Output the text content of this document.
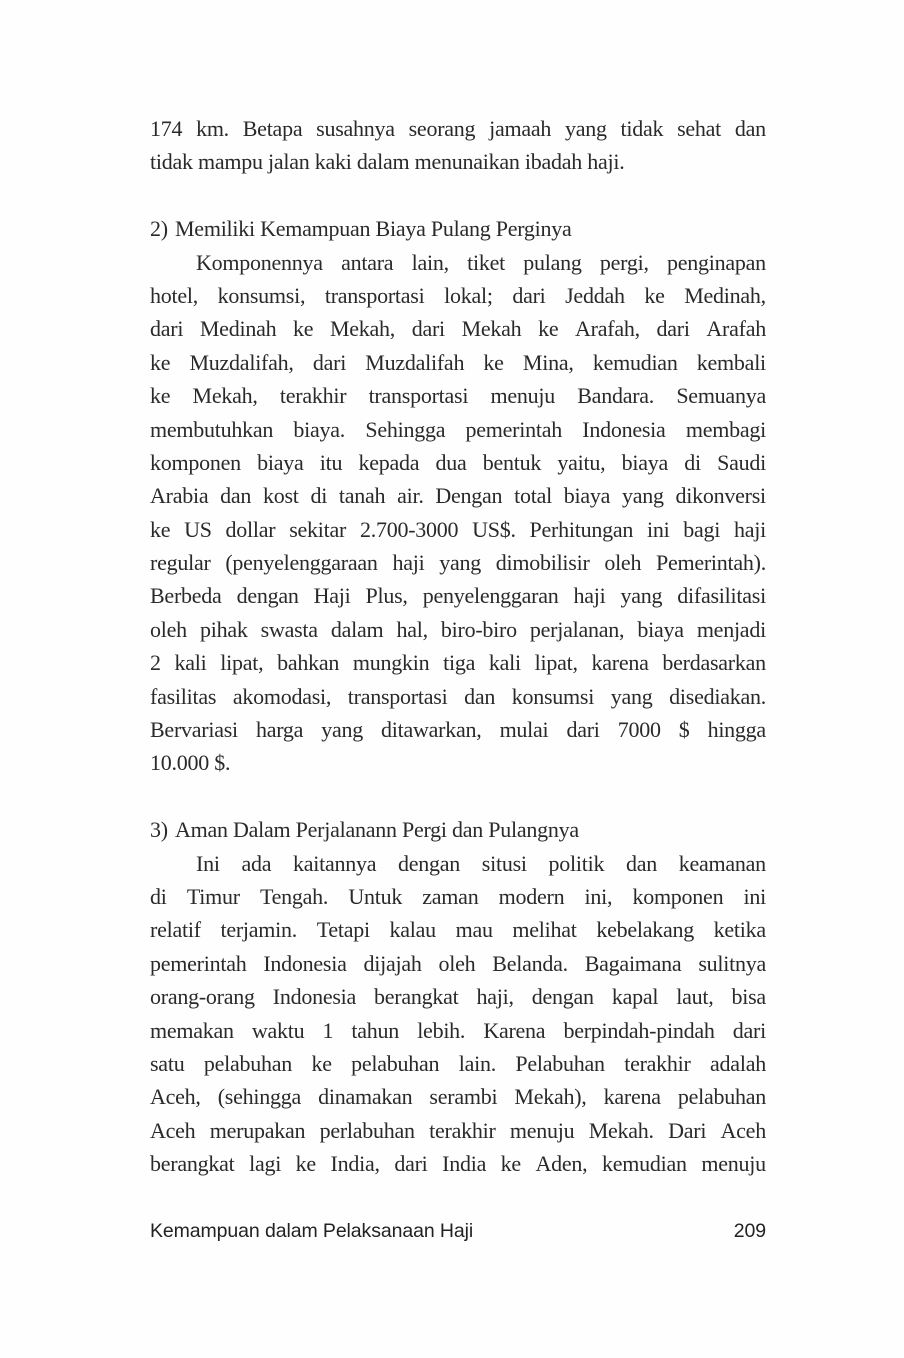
174 km. Betapa susahnya seorang jamaah yang tidak sehat dan
tidak mampu jalan kaki dalam menunaikan ibadah haji.
2) Memiliki Kemampuan Biaya Pulang Perginya
Komponennya antara lain, tiket pulang pergi, penginapan
hotel, konsumsi, transportasi lokal; dari Jeddah ke Medinah,
dari Medinah ke Mekah, dari Mekah ke Arafah, dari Arafah
ke Muzdalifah, dari Muzdalifah ke Mina, kemudian kembali
ke Mekah, terakhir transportasi menuju Bandara. Semuanya
membutuhkan biaya. Sehingga pemerintah Indonesia membagi
komponen biaya itu kepada dua bentuk yaitu, biaya di Saudi
Arabia dan kost di tanah air. Dengan total biaya yang dikonversi
ke US dollar sekitar 2.700-3000 US$. Perhitungan ini bagi haji
regular (penyelenggaraan haji yang dimobilisir oleh Pemerintah).
Berbeda dengan Haji Plus, penyelenggaran haji yang difasilitasi
oleh pihak swasta dalam hal, biro-biro perjalanan, biaya menjadi
2 kali lipat, bahkan mungkin tiga kali lipat, karena berdasarkan
fasilitas akomodasi, transportasi dan konsumsi yang disediakan.
Bervariasi harga yang ditawarkan, mulai dari 7000 $ hingga
10.000 $.
3) Aman Dalam Perjalanann Pergi dan Pulangnya
Ini ada kaitannya dengan situsi politik dan keamanan
di Timur Tengah. Untuk zaman modern ini, komponen ini
relatif terjamin. Tetapi kalau mau melihat kebelakang ketika
pemerintah Indonesia dijajah oleh Belanda. Bagaimana sulitnya
orang-orang Indonesia berangkat haji, dengan kapal laut, bisa
memakan waktu 1 tahun lebih. Karena berpindah-pindah dari
satu pelabuhan ke pelabuhan lain. Pelabuhan terakhir adalah
Aceh, (sehingga dinamakan serambi Mekah), karena pelabuhan
Aceh merupakan perlabuhan terakhir menuju Mekah. Dari Aceh
berangkat lagi ke India, dari India ke Aden, kemudian menuju
Kemampuan dalam Pelaksanaan Haji	209
